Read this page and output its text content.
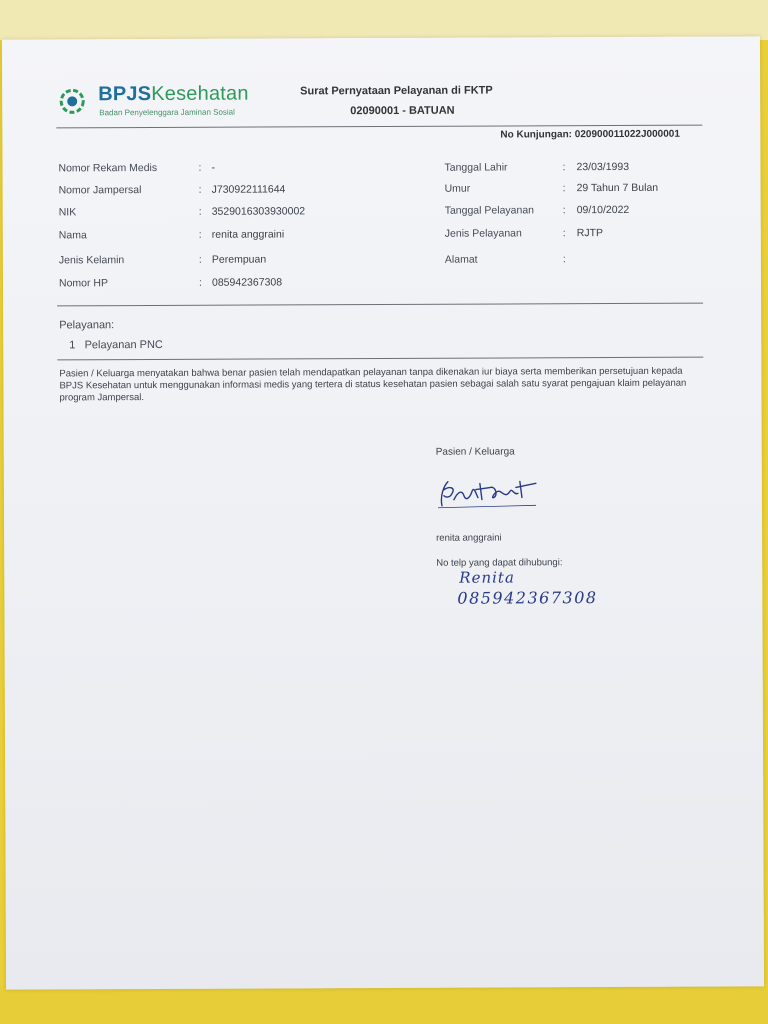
BPJSKesehatan
Badan Penyelenggara Jaminan Sosial
Surat Pernyataan Pelayanan di FKTP
02090001 - BATUAN
No Kunjungan: 020900011022J000001
Nomor Rekam Medis	: -
Nomor Jampersal	: J730922111644
NIK	: 3529016303930002
Nama	: renita anggraini
Jenis Kelamin	: Perempuan
Nomor HP	: 085942367308
Tanggal Lahir	: 23/03/1993
Umur	: 29 Tahun 7 Bulan
Tanggal Pelayanan	: 09/10/2022
Jenis Pelayanan	: RJTP
Alamat	:
Pelayanan:
1 Pelayanan PNC
Pasien / Keluarga menyatakan bahwa benar pasien telah mendapatkan pelayanan tanpa dikenakan iur biaya serta memberikan persetujuan kepada BPJS Kesehatan untuk menggunakan informasi medis yang tertera di status kesehatan pasien sebagai salah satu syarat pengajuan klaim pelayanan program Jampersal.
Pasien / Keluarga
renita anggraini
No telp yang dapat dihubungi:
Renita
085942367308
